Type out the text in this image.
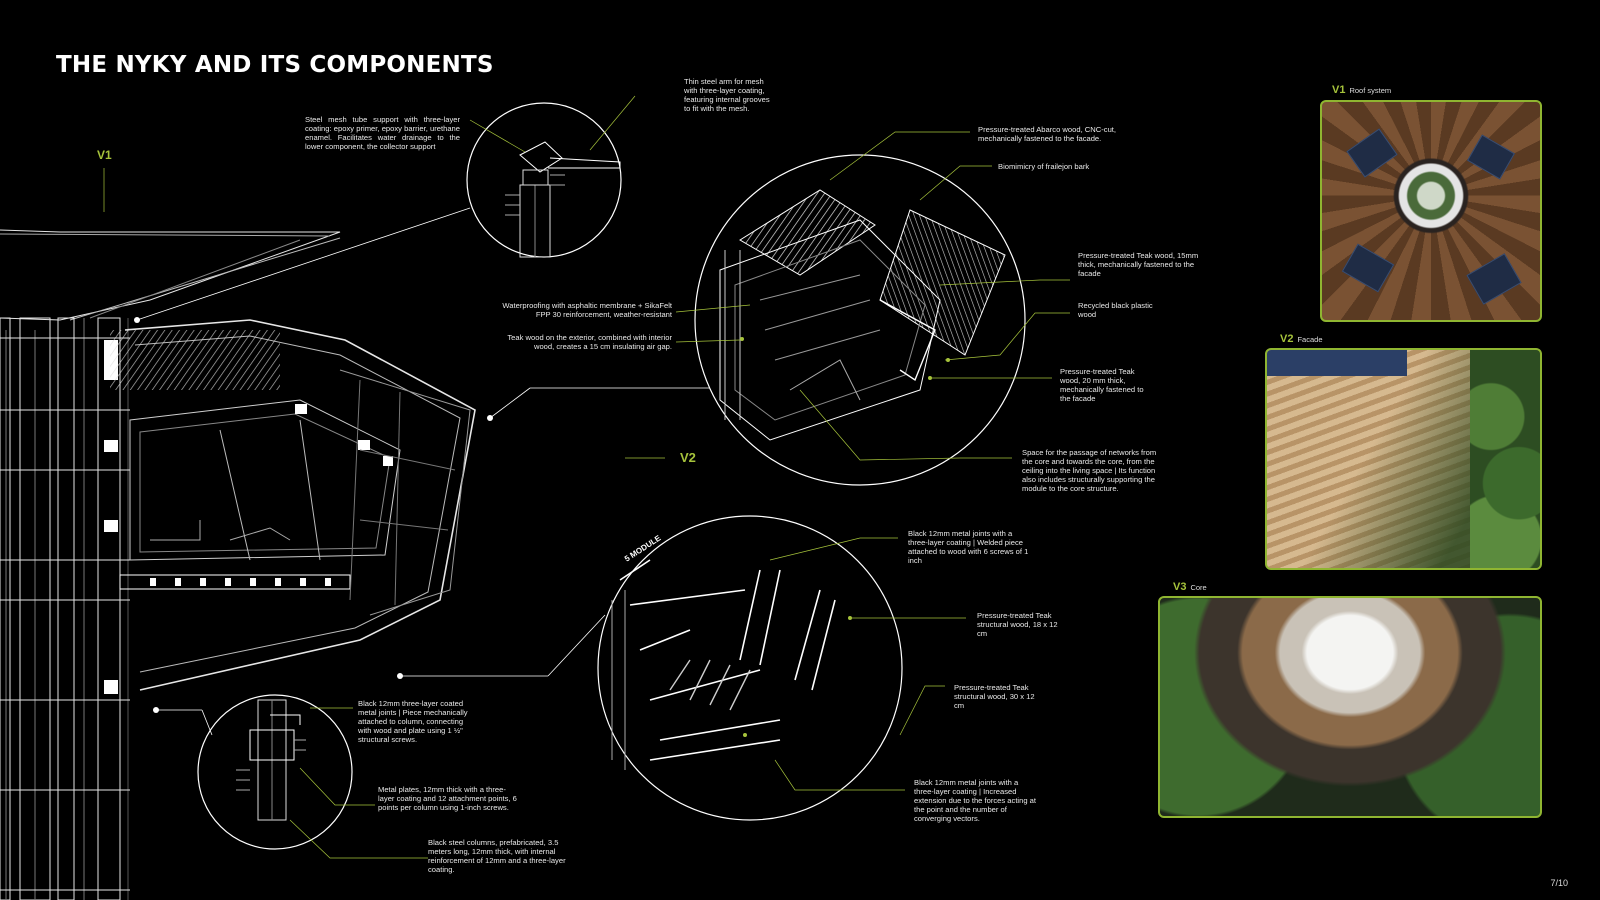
THE NYKY AND ITS COMPONENTS
V1
V2
5 MODULE

Steel mesh tube support with three-layer coating: epoxy primer, epoxy barrier, urethane enamel. Facilitates water drainage to the lower component, the collector support

Thin steel arm for mesh with three-layer coating, featuring internal grooves to fit with the mesh.

Pressure-treated Abarco wood, CNC-cut, mechanically fastened to the facade.

Biomimicry of frailejon bark

Pressure-treated Teak wood, 15mm thick, mechanically fastened to the facade

Recycled black plastic wood

Waterproofing with asphaltic membrane + SikaFelt FPP 30 reinforcement, weather-resistant

Teak wood on the exterior, combined with interior wood, creates a 15 cm insulating air gap.

Pressure-treated Teak wood, 20 mm thick, mechanically fastened to the facade

Space for the passage of networks from the core and towards the core, from the ceiling into the living space | Its function also includes structurally supporting the module to the core structure.

Black 12mm metal joints with a three-layer coating | Welded piece attached to wood with 6 screws of 1 inch

Pressure-treated Teak structural wood, 18 x 12 cm

Pressure-treated Teak structural wood, 30 x 12 cm

Black 12mm metal joints with a three-layer coating | Increased extension due to the forces acting at the point and the number of converging vectors.

Black 12mm three-layer coated metal joints | Piece mechanically attached to column, connecting with wood and plate using 1 ½" structural screws.

Metal plates, 12mm thick with a three-layer coating and 12 attachment points, 6 points per column using 1-inch screws.

Black steel columns, prefabricated, 3.5 meters long, 12mm thick, with internal reinforcement of 12mm and a three-layer coating.

V1 Roof system
V2 Facade
V3 Core
7/10
